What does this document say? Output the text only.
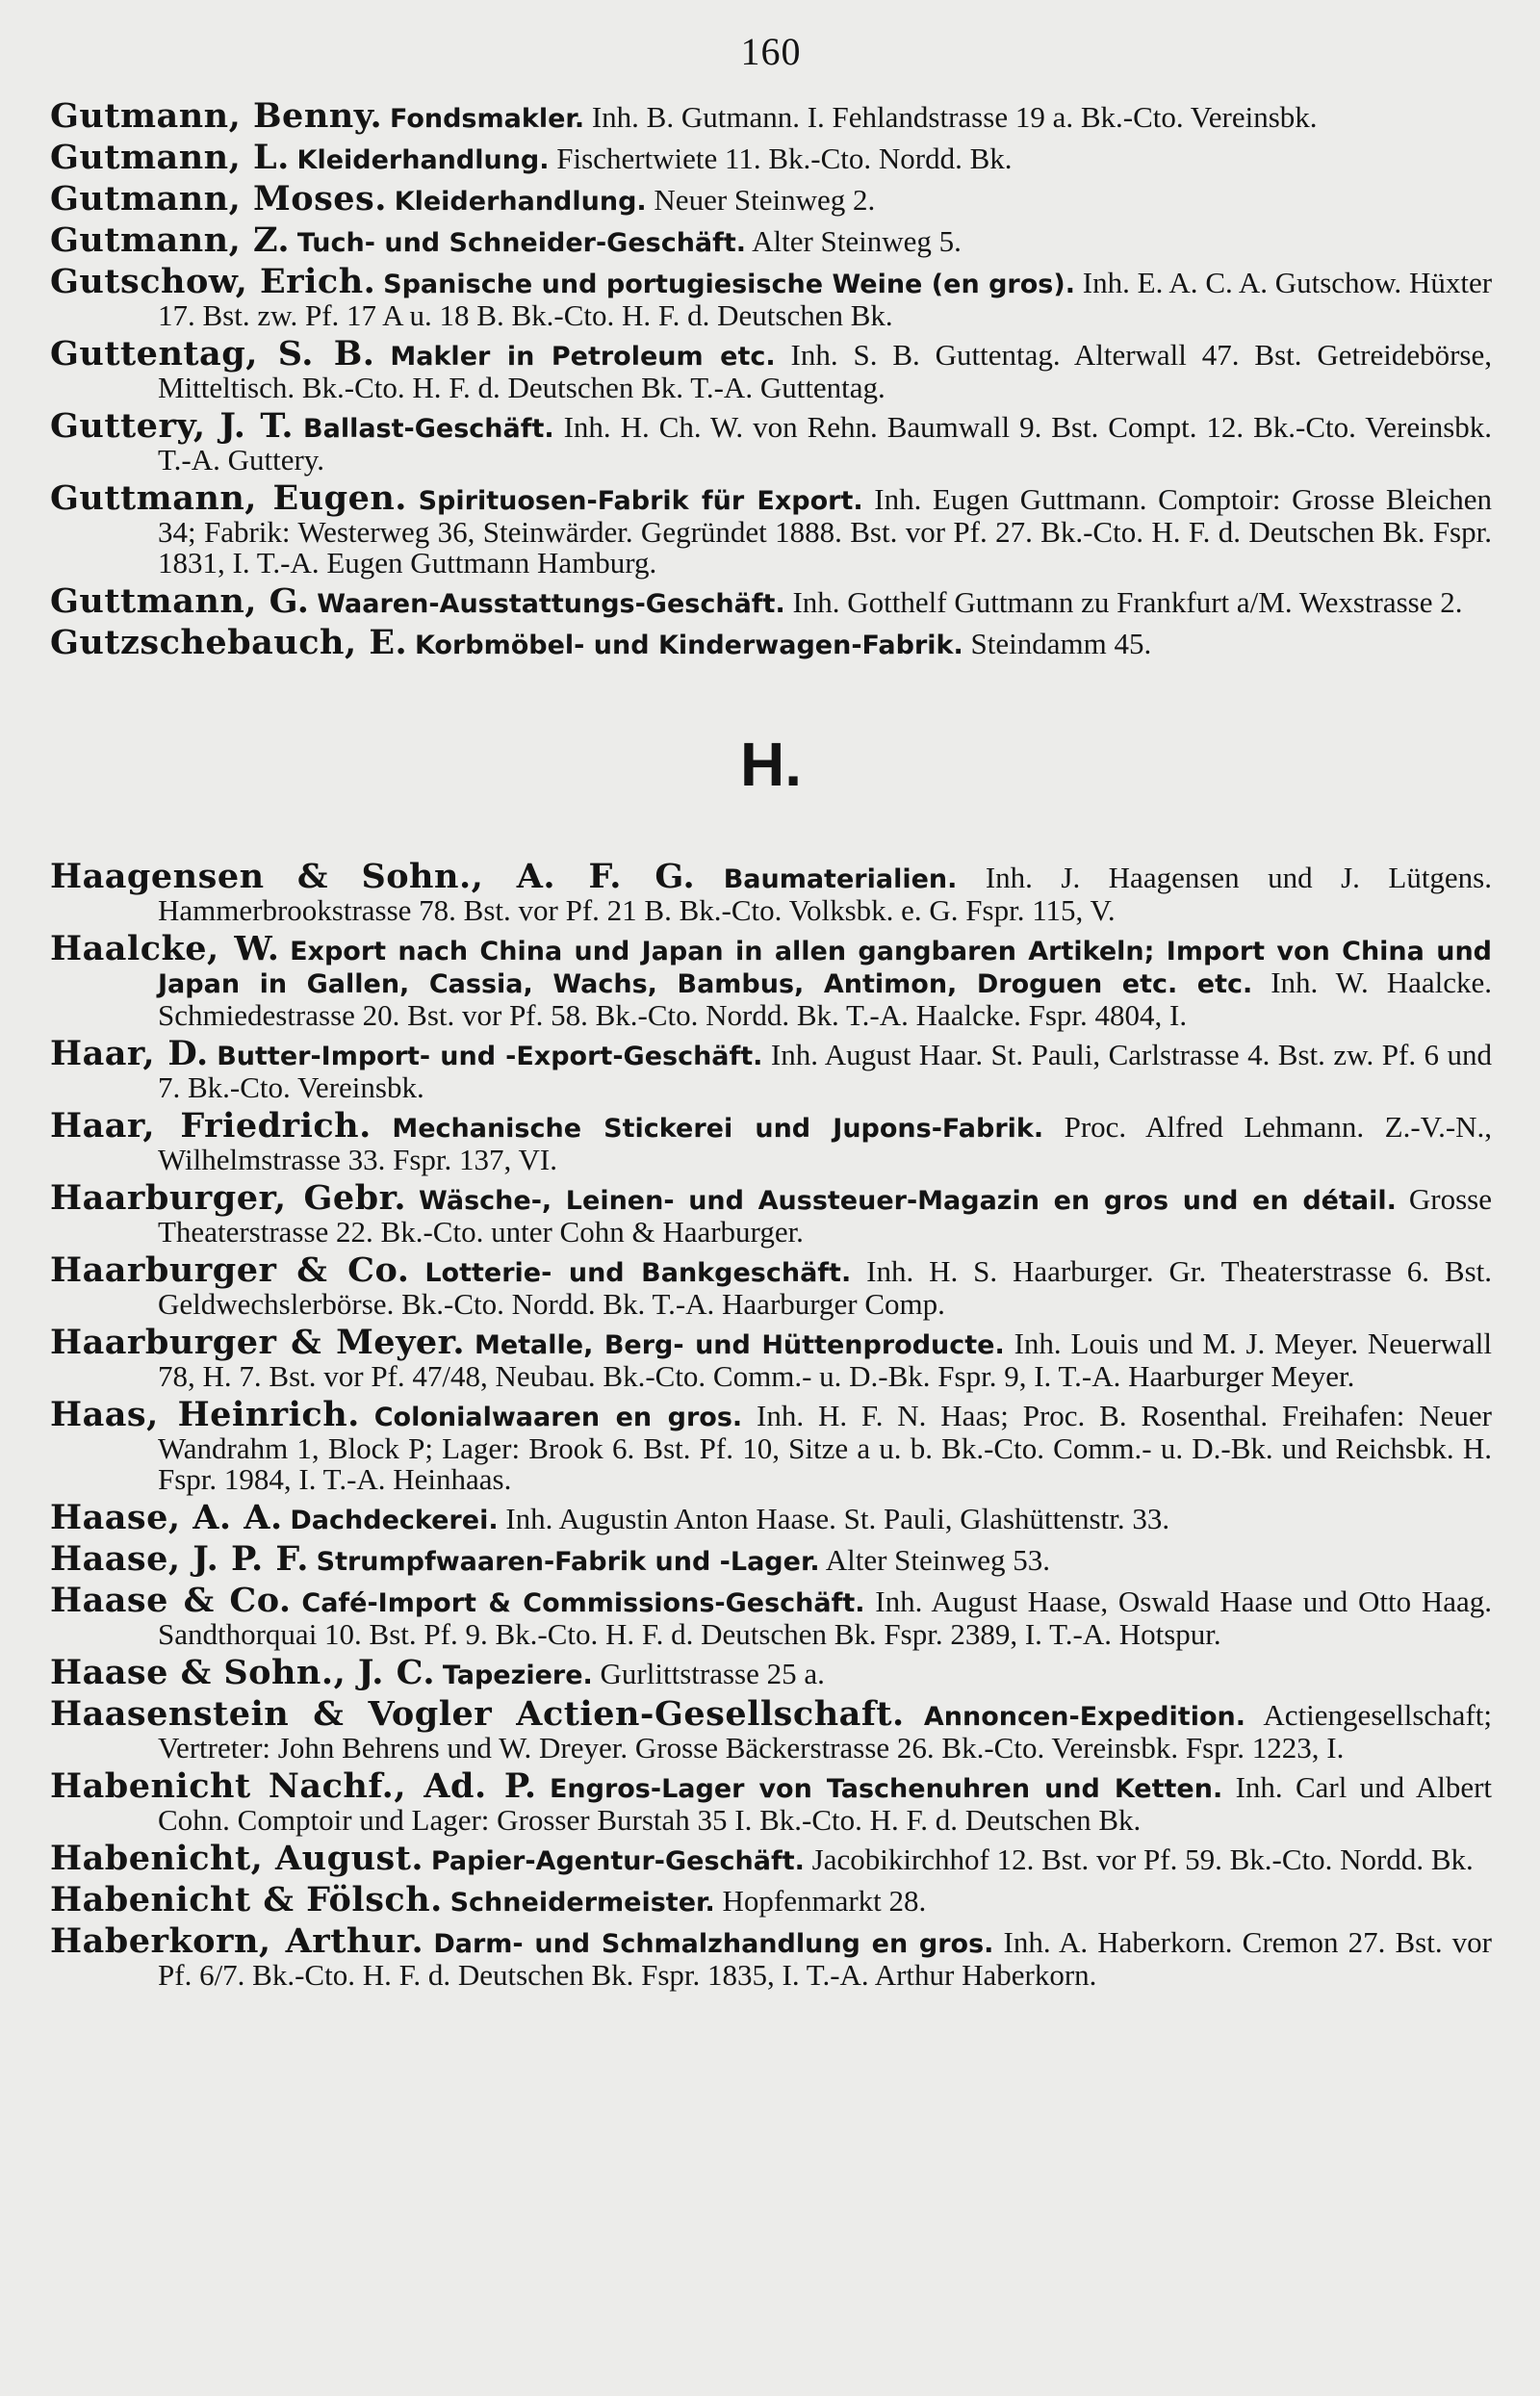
160

Gutmann, Benny. Fondsmakler. Inh. B. Gutmann. I. Fehlandstrasse 19 a. Bk.-Cto. Vereinsbk.

Gutmann, L. Kleiderhandlung. Fischertwiete 11. Bk.-Cto. Nordd. Bk.

Gutmann, Moses. Kleiderhandlung. Neuer Steinweg 2.

Gutmann, Z. Tuch- und Schneider-Geschäft. Alter Steinweg 5.

Gutschow, Erich. Spanische und portugiesische Weine (en gros). Inh. E. A. C. A. Gutschow. Hüxter 17. Bst. zw. Pf. 17 A u. 18 B. Bk.-Cto. H. F. d. Deutschen Bk.

Guttentag, S. B. Makler in Petroleum etc. Inh. S. B. Guttentag. Alterwall 47. Bst. Getreidebörse, Mitteltisch. Bk.-Cto. H. F. d. Deutschen Bk. T.-A. Guttentag.

Guttery, J. T. Ballast-Geschäft. Inh. H. Ch. W. von Rehn. Baumwall 9. Bst. Compt. 12. Bk.-Cto. Vereinsbk. T.-A. Guttery.

Guttmann, Eugen. Spirituosen-Fabrik für Export. Inh. Eugen Guttmann. Comptoir: Grosse Bleichen 34; Fabrik: Westerweg 36, Steinwärder. Gegründet 1888. Bst. vor Pf. 27. Bk.-Cto. H. F. d. Deutschen Bk. Fspr. 1831, I. T.-A. Eugen Guttmann Hamburg.

Guttmann, G. Waaren-Ausstattungs-Geschäft. Inh. Gotthelf Guttmann zu Frankfurt a/M. Wexstrasse 2.

Gutzschebauch, E. Korbmöbel- und Kinderwagen-Fabrik. Steindamm 45.

H.

Haagensen & Sohn., A. F. G. Baumaterialien. Inh. J. Haagensen und J. Lütgens. Hammerbrookstrasse 78. Bst. vor Pf. 21 B. Bk.-Cto. Volksbk. e. G. Fspr. 115, V.

Haalcke, W. Export nach China und Japan in allen gangbaren Artikeln; Import von China und Japan in Gallen, Cassia, Wachs, Bambus, Antimon, Droguen etc. etc. Inh. W. Haalcke. Schmiedestrasse 20. Bst. vor Pf. 58. Bk.-Cto. Nordd. Bk. T.-A. Haalcke. Fspr. 4804, I.

Haar, D. Butter-Import- und -Export-Geschäft. Inh. August Haar. St. Pauli, Carlstrasse 4. Bst. zw. Pf. 6 und 7. Bk.-Cto. Vereinsbk.

Haar, Friedrich. Mechanische Stickerei und Jupons-Fabrik. Proc. Alfred Lehmann. Z.-V.-N., Wilhelmstrasse 33. Fspr. 137, VI.

Haarburger, Gebr. Wäsche-, Leinen- und Aussteuer-Magazin en gros und en détail. Grosse Theaterstrasse 22. Bk.-Cto. unter Cohn & Haarburger.

Haarburger & Co. Lotterie- und Bankgeschäft. Inh. H. S. Haarburger. Gr. Theaterstrasse 6. Bst. Geldwechslerbörse. Bk.-Cto. Nordd. Bk. T.-A. Haarburger Comp.

Haarburger & Meyer. Metalle, Berg- und Hüttenproducte. Inh. Louis und M. J. Meyer. Neuerwall 78, H. 7. Bst. vor Pf. 47/48, Neubau. Bk.-Cto. Comm.- u. D.-Bk. Fspr. 9, I. T.-A. Haarburger Meyer.

Haas, Heinrich. Colonialwaaren en gros. Inh. H. F. N. Haas; Proc. B. Rosenthal. Freihafen: Neuer Wandrahm 1, Block P; Lager: Brook 6. Bst. Pf. 10, Sitze a u. b. Bk.-Cto. Comm.- u. D.-Bk. und Reichsbk. H. Fspr. 1984, I. T.-A. Heinhaas.

Haase, A. A. Dachdeckerei. Inh. Augustin Anton Haase. St. Pauli, Glashüttenstr. 33.

Haase, J. P. F. Strumpfwaaren-Fabrik und -Lager. Alter Steinweg 53.

Haase & Co. Café-Import & Commissions-Geschäft. Inh. August Haase, Oswald Haase und Otto Haag. Sandthorquai 10. Bst. Pf. 9. Bk.-Cto. H. F. d. Deutschen Bk. Fspr. 2389, I. T.-A. Hotspur.

Haase & Sohn., J. C. Tapeziere. Gurlittstrasse 25 a.

Haasenstein & Vogler Actien-Gesellschaft. Annoncen-Expedition. Actiengesellschaft; Vertreter: John Behrens und W. Dreyer. Grosse Bäckerstrasse 26. Bk.-Cto. Vereinsbk. Fspr. 1223, I.

Habenicht Nachf., Ad. P. Engros-Lager von Taschenuhren und Ketten. Inh. Carl und Albert Cohn. Comptoir und Lager: Grosser Burstah 35 I. Bk.-Cto. H. F. d. Deutschen Bk.

Habenicht, August. Papier-Agentur-Geschäft. Jacobikirchhof 12. Bst. vor Pf. 59. Bk.-Cto. Nordd. Bk.

Habenicht & Fölsch. Schneidermeister. Hopfenmarkt 28.

Haberkorn, Arthur. Darm- und Schmalzhandlung en gros. Inh. A. Haberkorn. Cremon 27. Bst. vor Pf. 6/7. Bk.-Cto. H. F. d. Deutschen Bk. Fspr. 1835, I. T.-A. Arthur Haberkorn.
